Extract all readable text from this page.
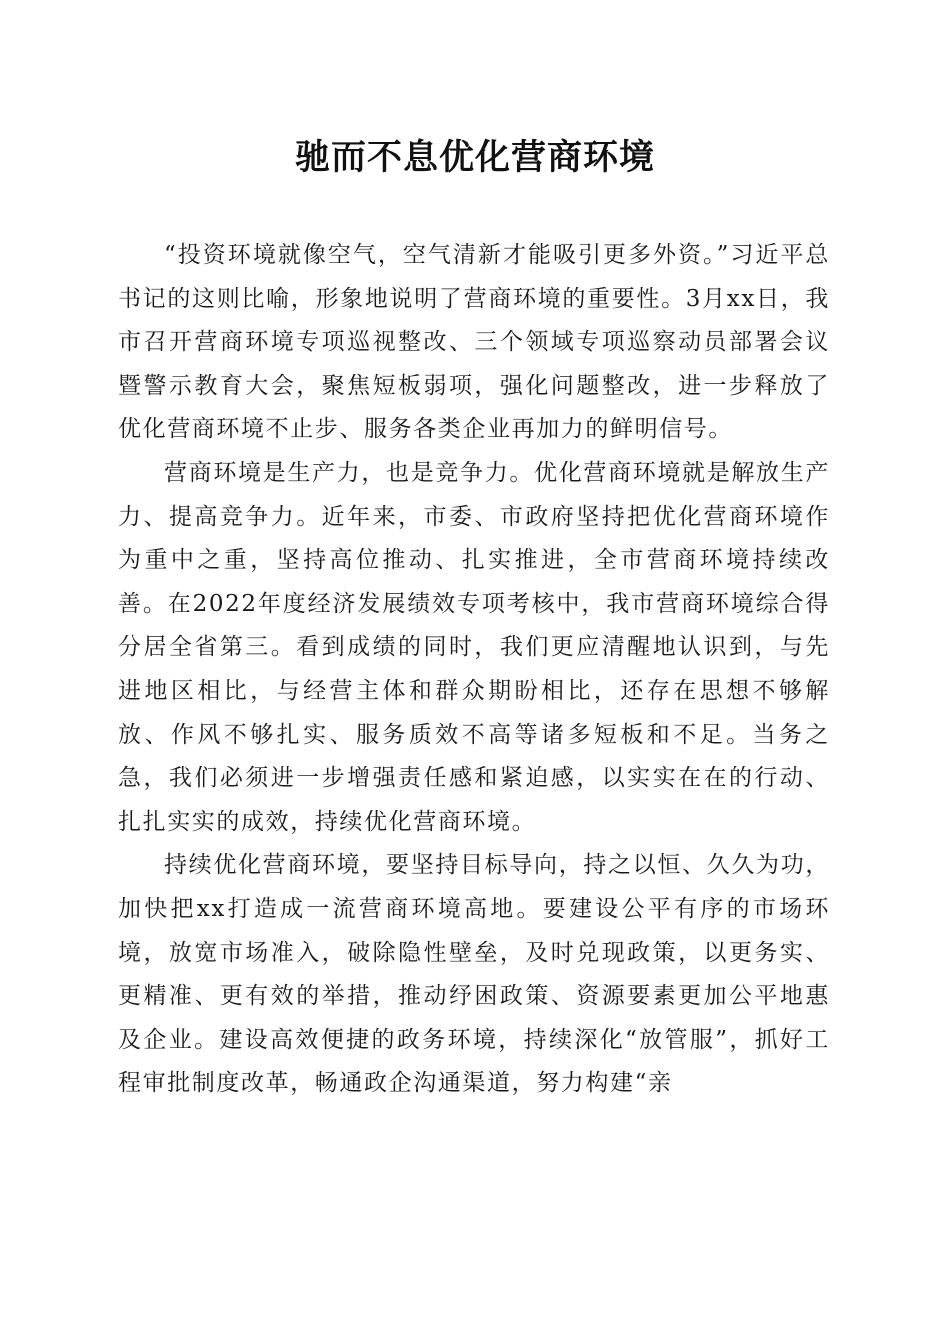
驰而不息优化营商环境

“投资环境就像空气，空气清新才能吸引更多外资。”习近平总书记的这则比喻，形象地说明了营商环境的重要性。3月xx日，我市召开营商环境专项巡视整改、三个领域专项巡察动员部署会议暨警示教育大会，聚焦短板弱项，强化问题整改，进一步释放了优化营商环境不止步、服务各类企业再加力的鲜明信号。

营商环境是生产力，也是竞争力。优化营商环境就是解放生产力、提高竞争力。近年来，市委、市政府坚持把优化营商环境作为重中之重，坚持高位推动、扎实推进，全市营商环境持续改善。在2022年度经济发展绩效专项考核中，我市营商环境综合得分居全省第三。看到成绩的同时，我们更应清醒地认识到，与先进地区相比，与经营主体和群众期盼相比，还存在思想不够解放、作风不够扎实、服务质效不高等诸多短板和不足。当务之急，我们必须进一步增强责任感和紧迫感，以实实在在的行动、扎扎实实的成效，持续优化营商环境。

持续优化营商环境，要坚持目标导向，持之以恒、久久为功，加快把xx打造成一流营商环境高地。要建设公平有序的市场环境，放宽市场准入，破除隐性壁垒，及时兑现政策，以更务实、更精准、更有效的举措，推动纾困政策、资源要素更加公平地惠及企业。建设高效便捷的政务环境，持续深化“放管服”，抓好工程审批制度改革，畅通政企沟通渠道，努力构建“亲
